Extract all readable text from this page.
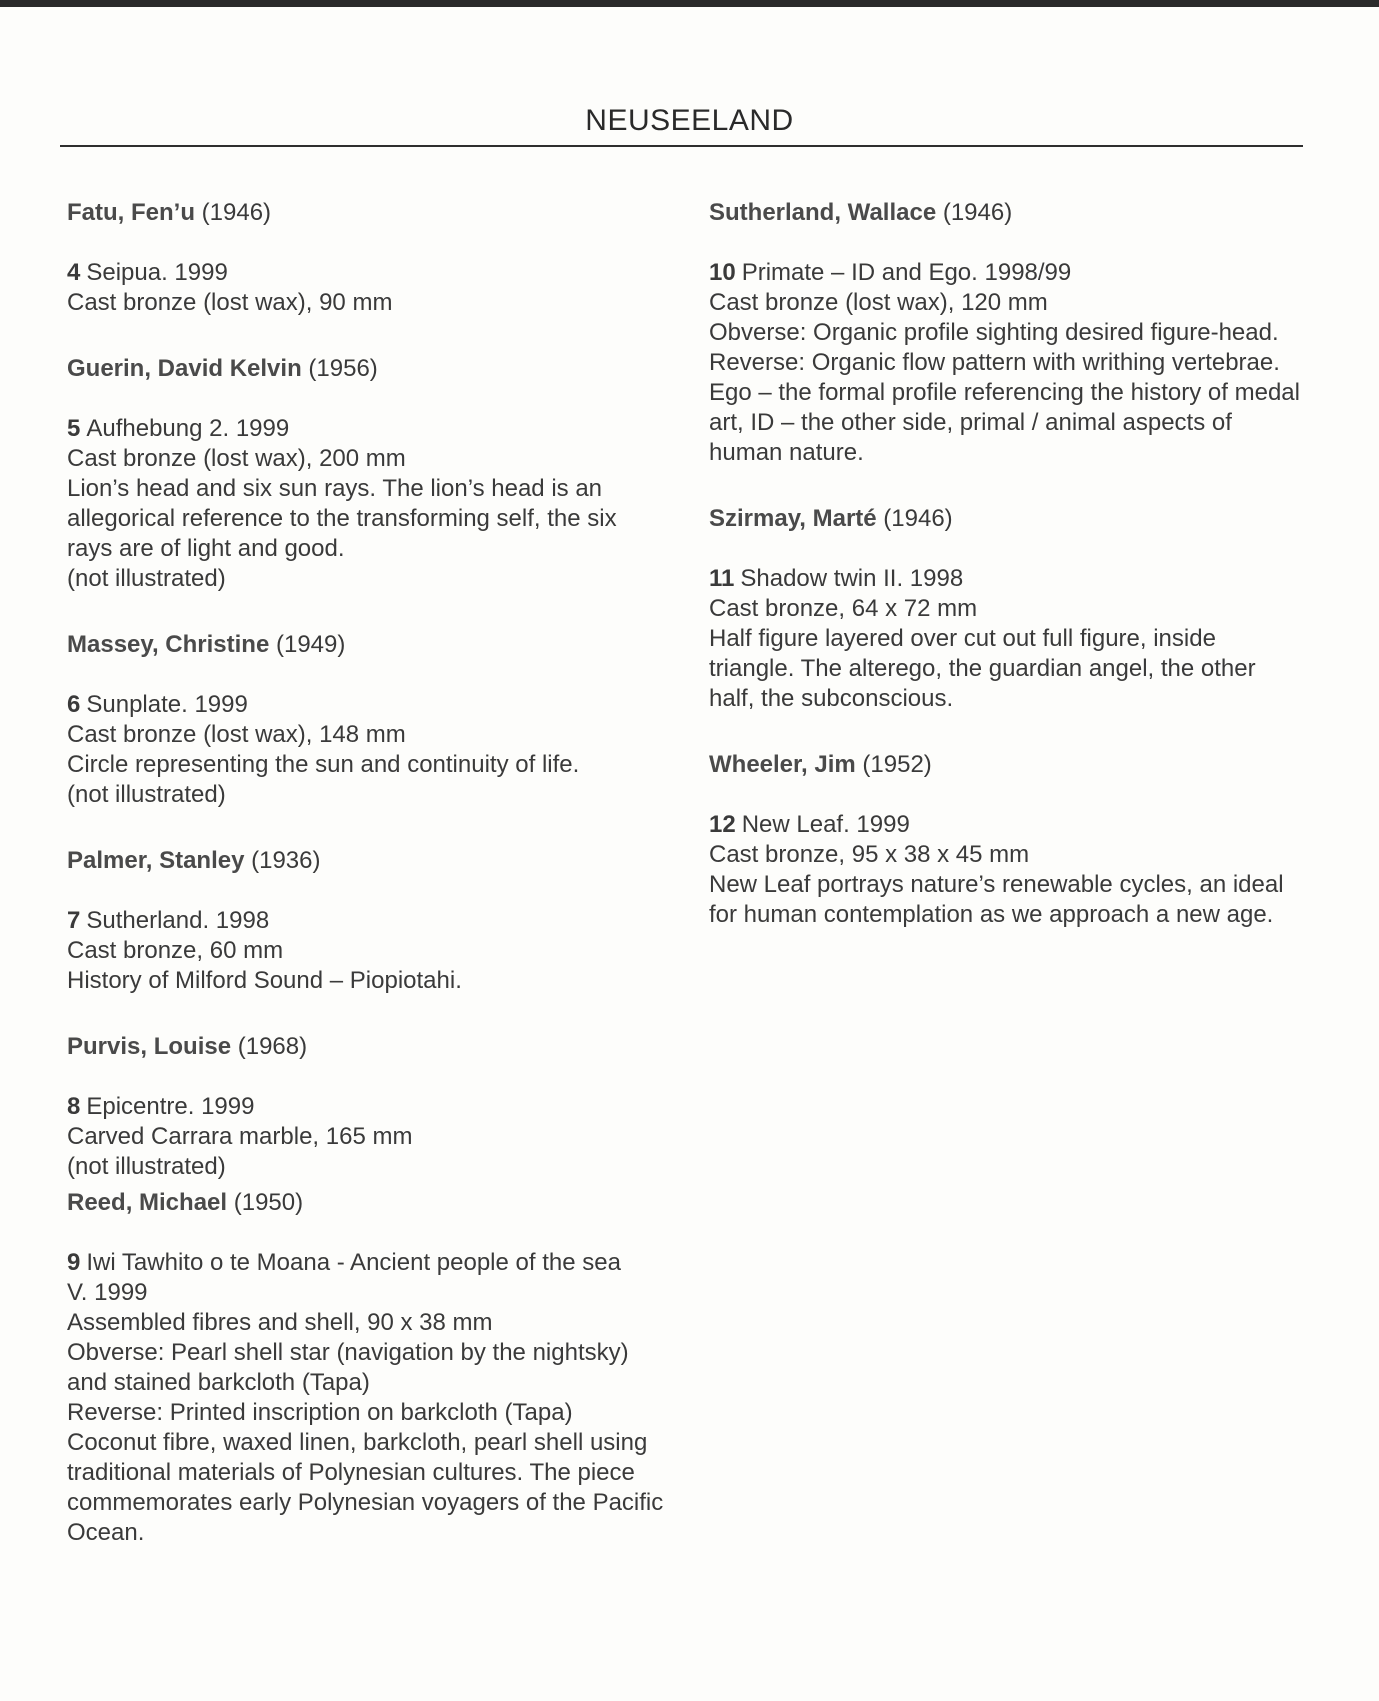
NEUSEELAND
Fatu, Fen’u (1946)
4 Seipua. 1999
Cast bronze (lost wax), 90 mm
Guerin, David Kelvin (1956)
5 Aufhebung 2. 1999
Cast bronze (lost wax), 200 mm
Lion’s head and six sun rays. The lion’s head is an
allegorical reference to the transforming self, the six
rays are of light and good.
(not illustrated)
Massey, Christine (1949)
6 Sunplate. 1999
Cast bronze (lost wax), 148 mm
Circle representing the sun and continuity of life.
(not illustrated)
Palmer, Stanley (1936)
7 Sutherland. 1998
Cast bronze, 60 mm
History of Milford Sound – Piopiotahi.
Purvis, Louise (1968)
8 Epicentre. 1999
Carved Carrara marble, 165 mm
(not illustrated)
Reed, Michael (1950)
9 Iwi Tawhito o te Moana - Ancient people of the sea
V. 1999
Assembled fibres and shell, 90 x 38 mm
Obverse: Pearl shell star (navigation by the nightsky)
and stained barkcloth (Tapa)
Reverse: Printed inscription on barkcloth (Tapa)
Coconut fibre, waxed linen, barkcloth, pearl shell using
traditional materials of Polynesian cultures. The piece
commemorates early Polynesian voyagers of the Pacific
Ocean.
Sutherland, Wallace (1946)
10 Primate – ID and Ego. 1998/99
Cast bronze (lost wax), 120 mm
Obverse: Organic profile sighting desired figure-head.
Reverse: Organic flow pattern with writhing vertebrae.
Ego – the formal profile referencing the history of medal
art, ID – the other side, primal / animal aspects of
human nature.
Szirmay, Marté (1946)
11 Shadow twin II. 1998
Cast bronze, 64 x 72 mm
Half figure layered over cut out full figure, inside
triangle. The alterego, the guardian angel, the other
half, the subconscious.
Wheeler, Jim (1952)
12 New Leaf. 1999
Cast bronze, 95 x 38 x 45 mm
New Leaf portrays nature’s renewable cycles, an ideal
for human contemplation as we approach a new age.
